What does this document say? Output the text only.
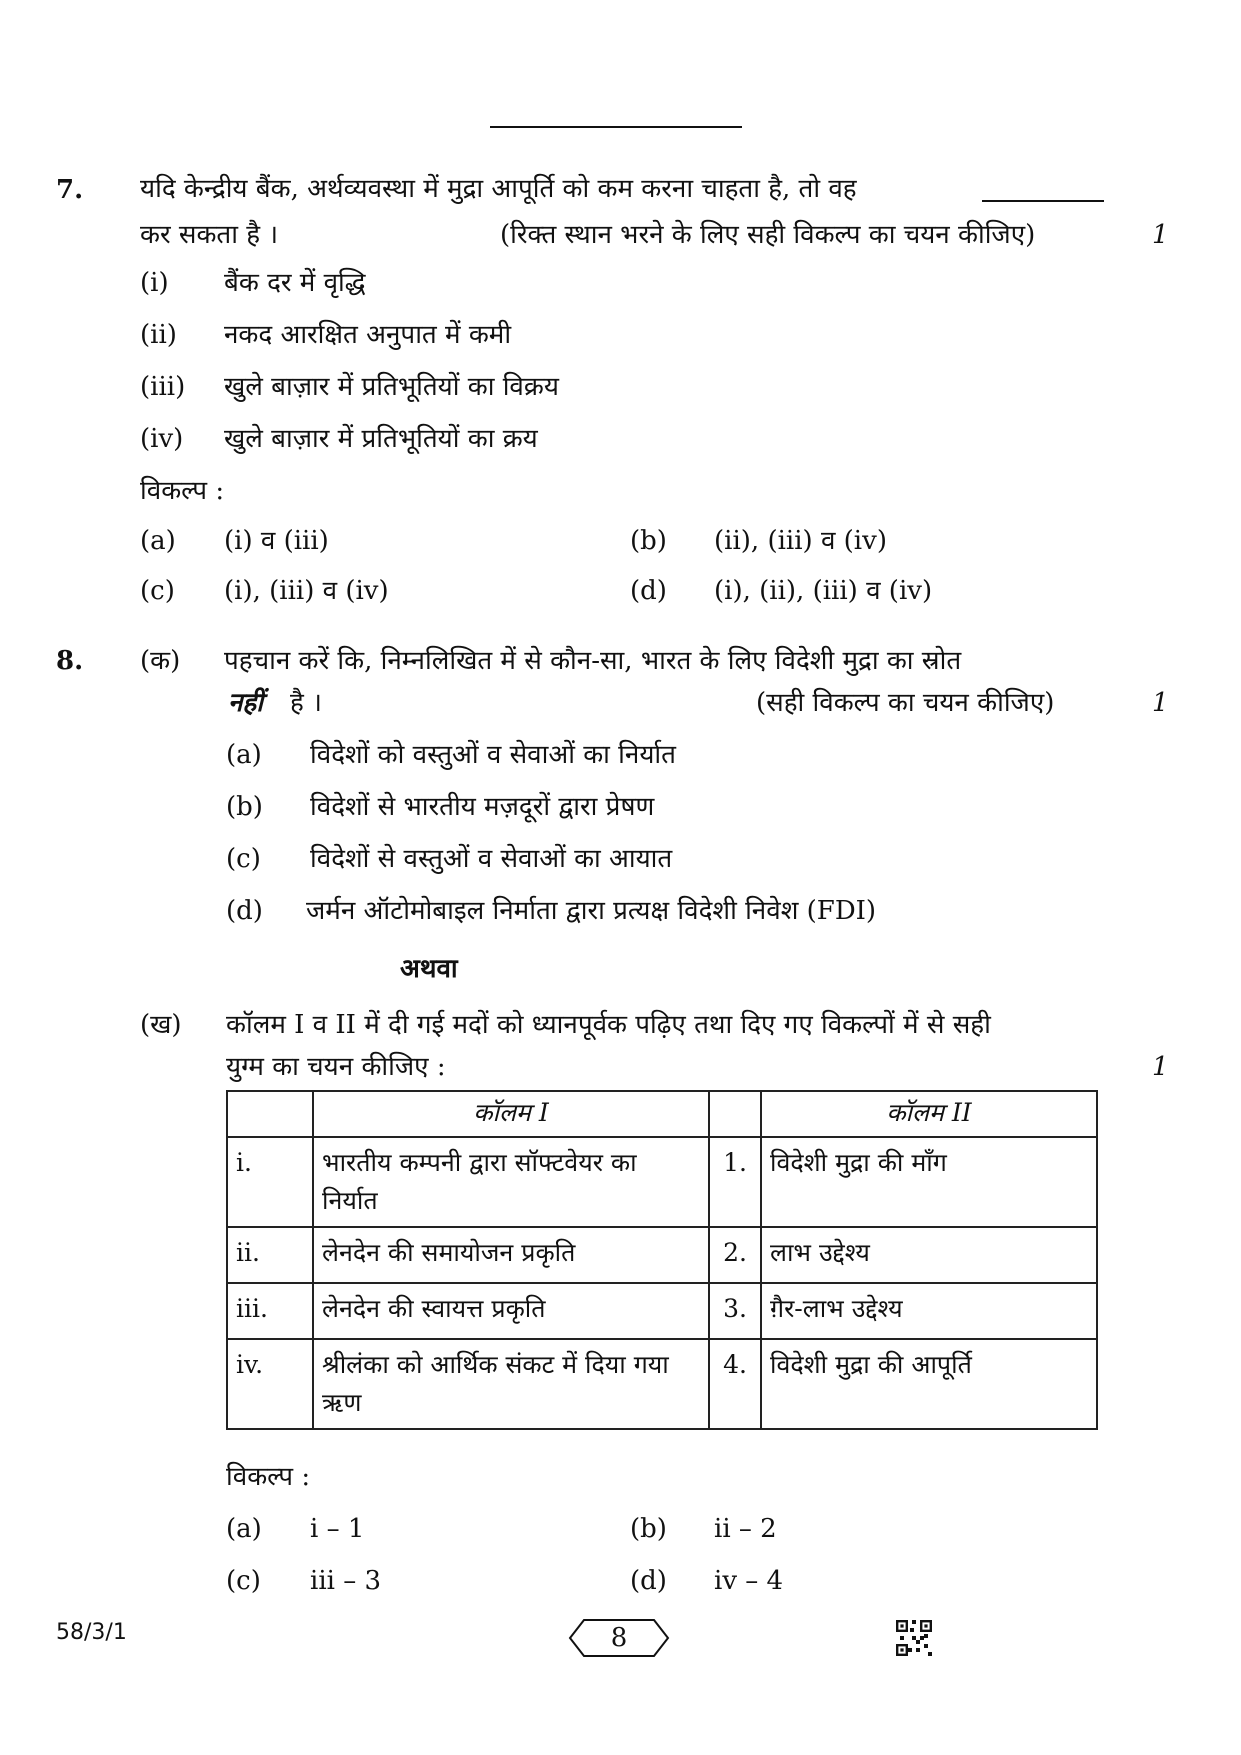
7. यदि केन्द्रीय बैंक, अर्थव्यवस्था में मुद्रा आपूर्ति को कम करना चाहता है, तो वह
कर सकता है ।	(रिक्त स्थान भरने के लिए सही विकल्प का चयन कीजिए)	1
(i) बैंक दर में वृद्धि
(ii) नकद आरक्षित अनुपात में कमी
(iii) खुले बाज़ार में प्रतिभूतियों का विक्रय
(iv) खुले बाज़ार में प्रतिभूतियों का क्रय
विकल्प :
(a) (i) व (iii)	(b) (ii), (iii) व (iv)
(c) (i), (iii) व (iv)	(d) (i), (ii), (iii) व (iv)
8. (क) पहचान करें कि, निम्नलिखित में से कौन-सा, भारत के लिए विदेशी मुद्रा का स्रोत
नहीं है ।	(सही विकल्प का चयन कीजिए)	1
(a) विदेशों को वस्तुओं व सेवाओं का निर्यात
(b) विदेशों से भारतीय मज़दूरों द्वारा प्रेषण
(c) विदेशों से वस्तुओं व सेवाओं का आयात
(d) जर्मन ऑटोमोबाइल निर्माता द्वारा प्रत्यक्ष विदेशी निवेश (FDI)
अथवा
(ख) कॉलम I व II में दी गई मदों को ध्यानपूर्वक पढ़िए तथा दिए गए विकल्पों में से सही
युग्म का चयन कीजिए :	1
	कॉलम I		कॉलम II
i.	भारतीय कम्पनी द्वारा सॉफ्टवेयर का निर्यात	1.	विदेशी मुद्रा की माँग
ii.	लेनदेन की समायोजन प्रकृति	2.	लाभ उद्देश्य
iii.	लेनदेन की स्वायत्त प्रकृति	3.	ग़ैर-लाभ उद्देश्य
iv.	श्रीलंका को आर्थिक संकट में दिया गया ऋण	4.	विदेशी मुद्रा की आपूर्ति
विकल्प :
(a) i – 1	(b) ii – 2
(c) iii – 3	(d) iv – 4
58/3/1	8
